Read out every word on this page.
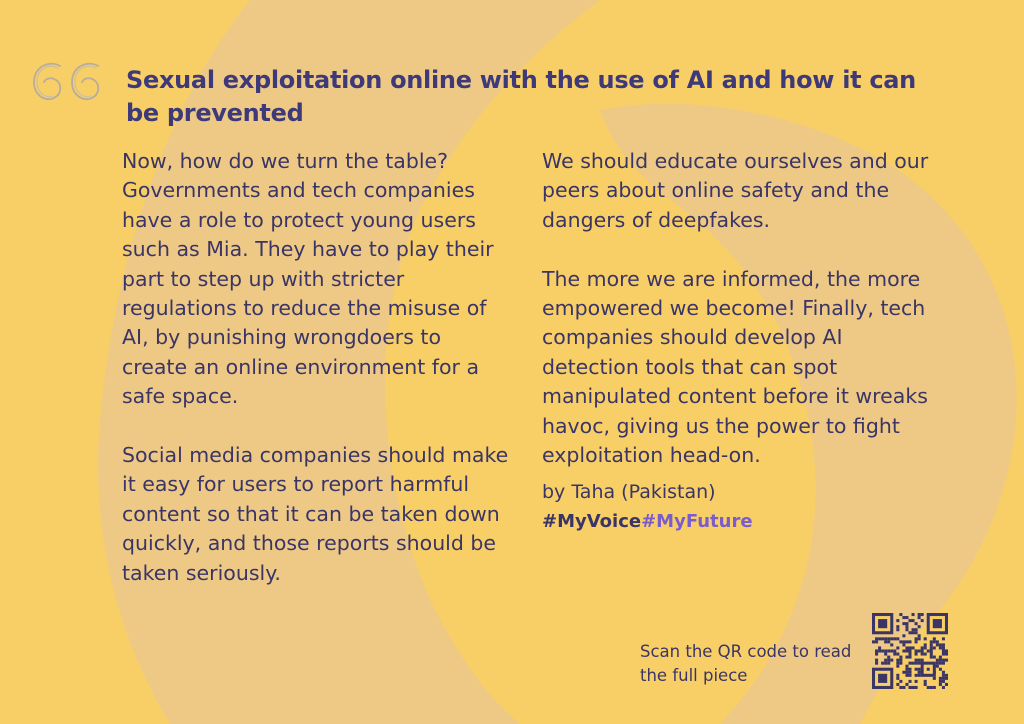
Sexual exploitation online with the use of AI and how it can be prevented

Now, how do we turn the table? Governments and tech companies have a role to protect young users such as Mia. They have to play their part to step up with stricter regulations to reduce the misuse of AI, by punishing wrongdoers to create an online environment for a safe space.

Social media companies should make it easy for users to report harmful content so that it can be taken down quickly, and those reports should be taken seriously.

We should educate ourselves and our peers about online safety and the dangers of deepfakes.

The more we are informed, the more empowered we become! Finally, tech companies should develop AI detection tools that can spot manipulated content before it wreaks havoc, giving us the power to fight exploitation head-on.

by Taha (Pakistan)

#MyVoice#MyFuture

Scan the QR code to read the full piece
